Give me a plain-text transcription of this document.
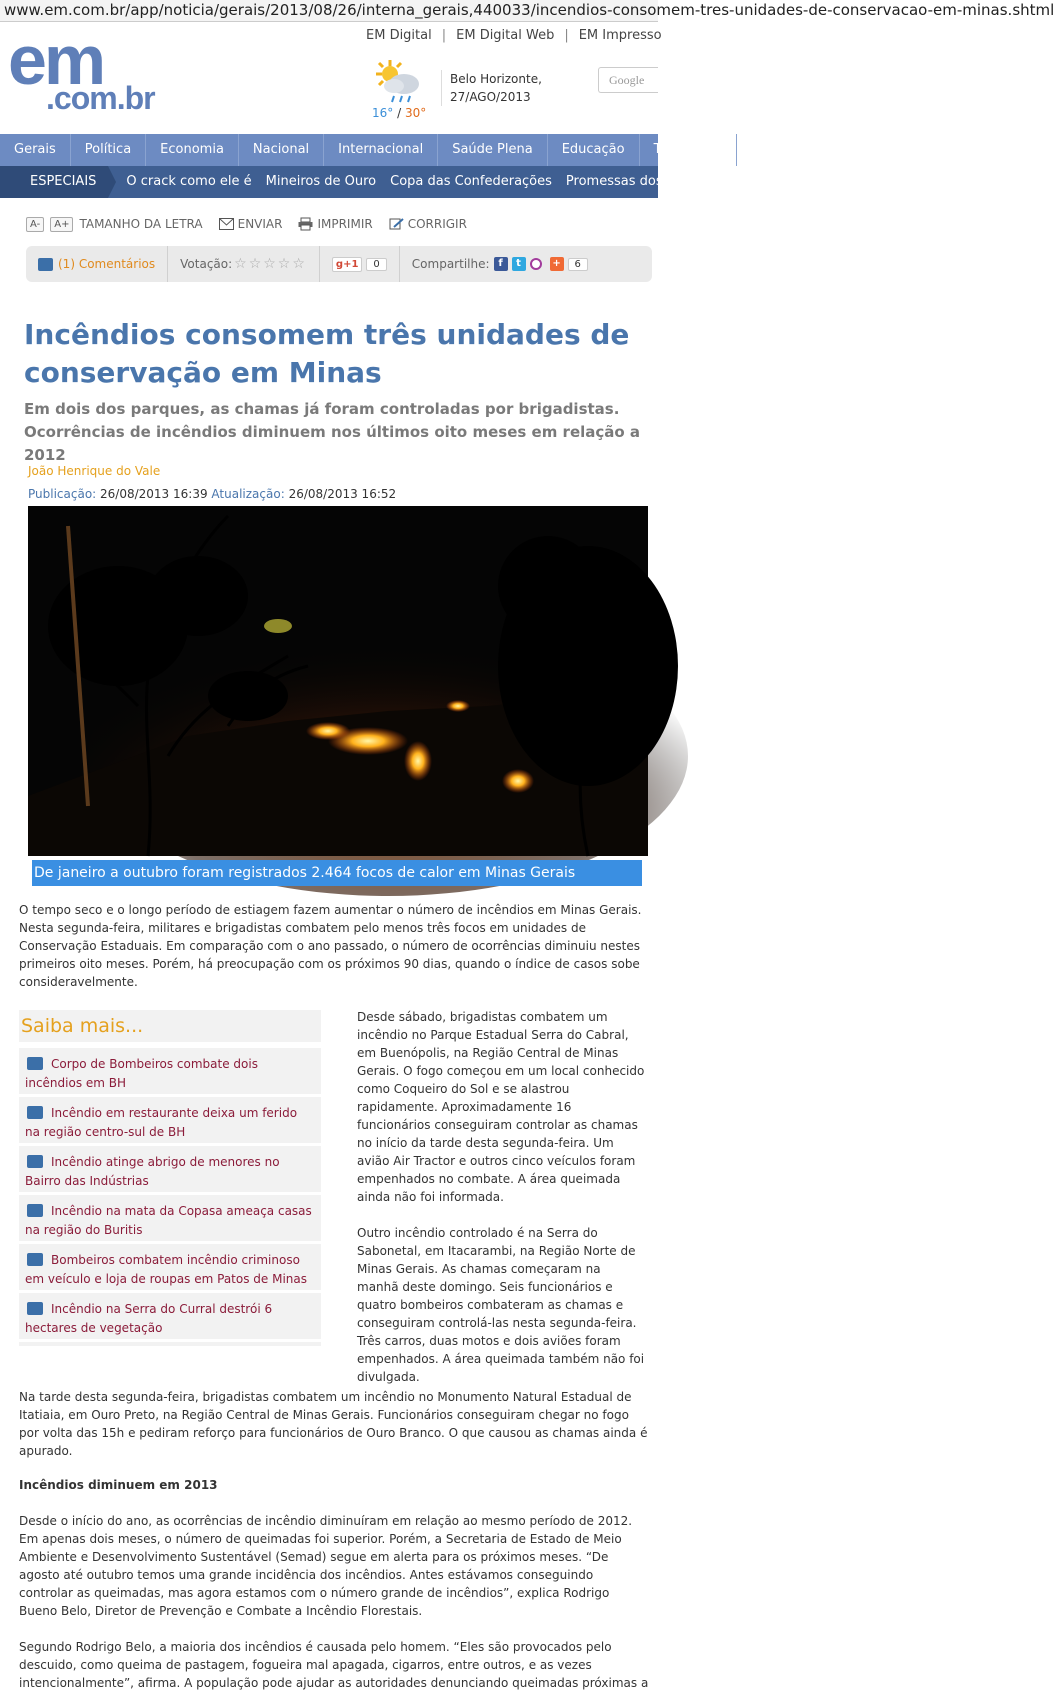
www.em.com.br/app/noticia/gerais/2013/08/26/interna_gerais,440033/incendios-consomem-tres-unidades-de-conservacao-em-minas.shtml
em
.com.br
EM Digital | EM Digital Web | EM Impresso
16° / 30°
Belo Horizonte,
27/AGO/2013
Google
Gerais	Política	Economia	Nacional	Internacional	Saúde Plena	Educação	Tecnologia
ESPECIAIS	O crack como ele é	Mineiros de Ouro	Copa das Confederações	Promessas dos Prefeitos
A-	A+ TAMANHO DA LETRA	ENVIAR	IMPRIMIR	CORRIGIR
(1) Comentários Votação: ☆☆☆☆☆	g+1	0	Compartilhe: f	t	+	6
Incêndios consomem três unidades de conservação em Minas
Em dois dos parques, as chamas já foram controladas por brigadistas. Ocorrências de incêndios diminuem nos últimos oito meses em relação a 2012
João Henrique do Vale
Publicação: 26/08/2013 16:39 Atualização: 26/08/2013 16:52
De janeiro a outubro foram registrados 2.464 focos de calor em Minas Gerais
O tempo seco e o longo período de estiagem fazem aumentar o número de incêndios em Minas Gerais. Nesta segunda-feira, militares e brigadistas combatem pelo menos três focos em unidades de Conservação Estaduais. Em comparação com o ano passado, o número de ocorrências diminuiu nestes primeiros oito meses. Porém, há preocupação com os próximos 90 dias, quando o índice de casos sobe consideravelmente.
Saiba mais...
Corpo de Bombeiros combate dois incêndios em BH
Incêndio em restaurante deixa um ferido na região centro-sul de BH
Incêndio atinge abrigo de menores no Bairro das Indústrias
Incêndio na mata da Copasa ameaça casas na região do Buritis
Bombeiros combatem incêndio criminoso em veículo e loja de roupas em Patos de Minas
Incêndio na Serra do Curral destrói 6 hectares de vegetação

Desde sábado, brigadistas combatem um incêndio no Parque Estadual Serra do Cabral, em Buenópolis, na Região Central de Minas Gerais. O fogo começou em um local conhecido como Coqueiro do Sol e se alastrou rapidamente. Aproximadamente 16 funcionários conseguiram controlar as chamas no início da tarde desta segunda-feira. Um avião Air Tractor e outros cinco veículos foram empenhados no combate. A área queimada ainda não foi informada.

Outro incêndio controlado é na Serra do Sabonetal, em Itacarambi, na Região Norte de Minas Gerais. As chamas começaram na manhã deste domingo. Seis funcionários e quatro bombeiros combateram as chamas e conseguiram controlá-las nesta segunda-feira. Três carros, duas motos e dois aviões foram empenhados. A área queimada também não foi divulgada.

Na tarde desta segunda-feira, brigadistas combatem um incêndio no Monumento Natural Estadual de Itatiaia, em Ouro Preto, na Região Central de Minas Gerais. Funcionários conseguiram chegar no fogo por volta das 15h e pediram reforço para funcionários de Ouro Branco. O que causou as chamas ainda é apurado.
Incêndios diminuem em 2013
Desde o início do ano, as ocorrências de incêndio diminuíram em relação ao mesmo período de 2012. Em apenas dois meses, o número de queimadas foi superior. Porém, a Secretaria de Estado de Meio Ambiente e Desenvolvimento Sustentável (Semad) segue em alerta para os próximos meses. “De agosto até outubro temos uma grande incidência dos incêndios. Antes estávamos conseguindo controlar as queimadas, mas agora estamos com o número grande de incêndios”, explica Rodrigo Bueno Belo, Diretor de Prevenção e Combate a Incêndio Florestais.
Segundo Rodrigo Belo, a maioria dos incêndios é causada pelo homem. “Eles são provocados pelo descuido, como queima de pastagem, fogueira mal apagada, cigarros, entre outros, e as vezes intencionalmente”, afirma. A população pode ajudar as autoridades denunciando queimadas próximas a
